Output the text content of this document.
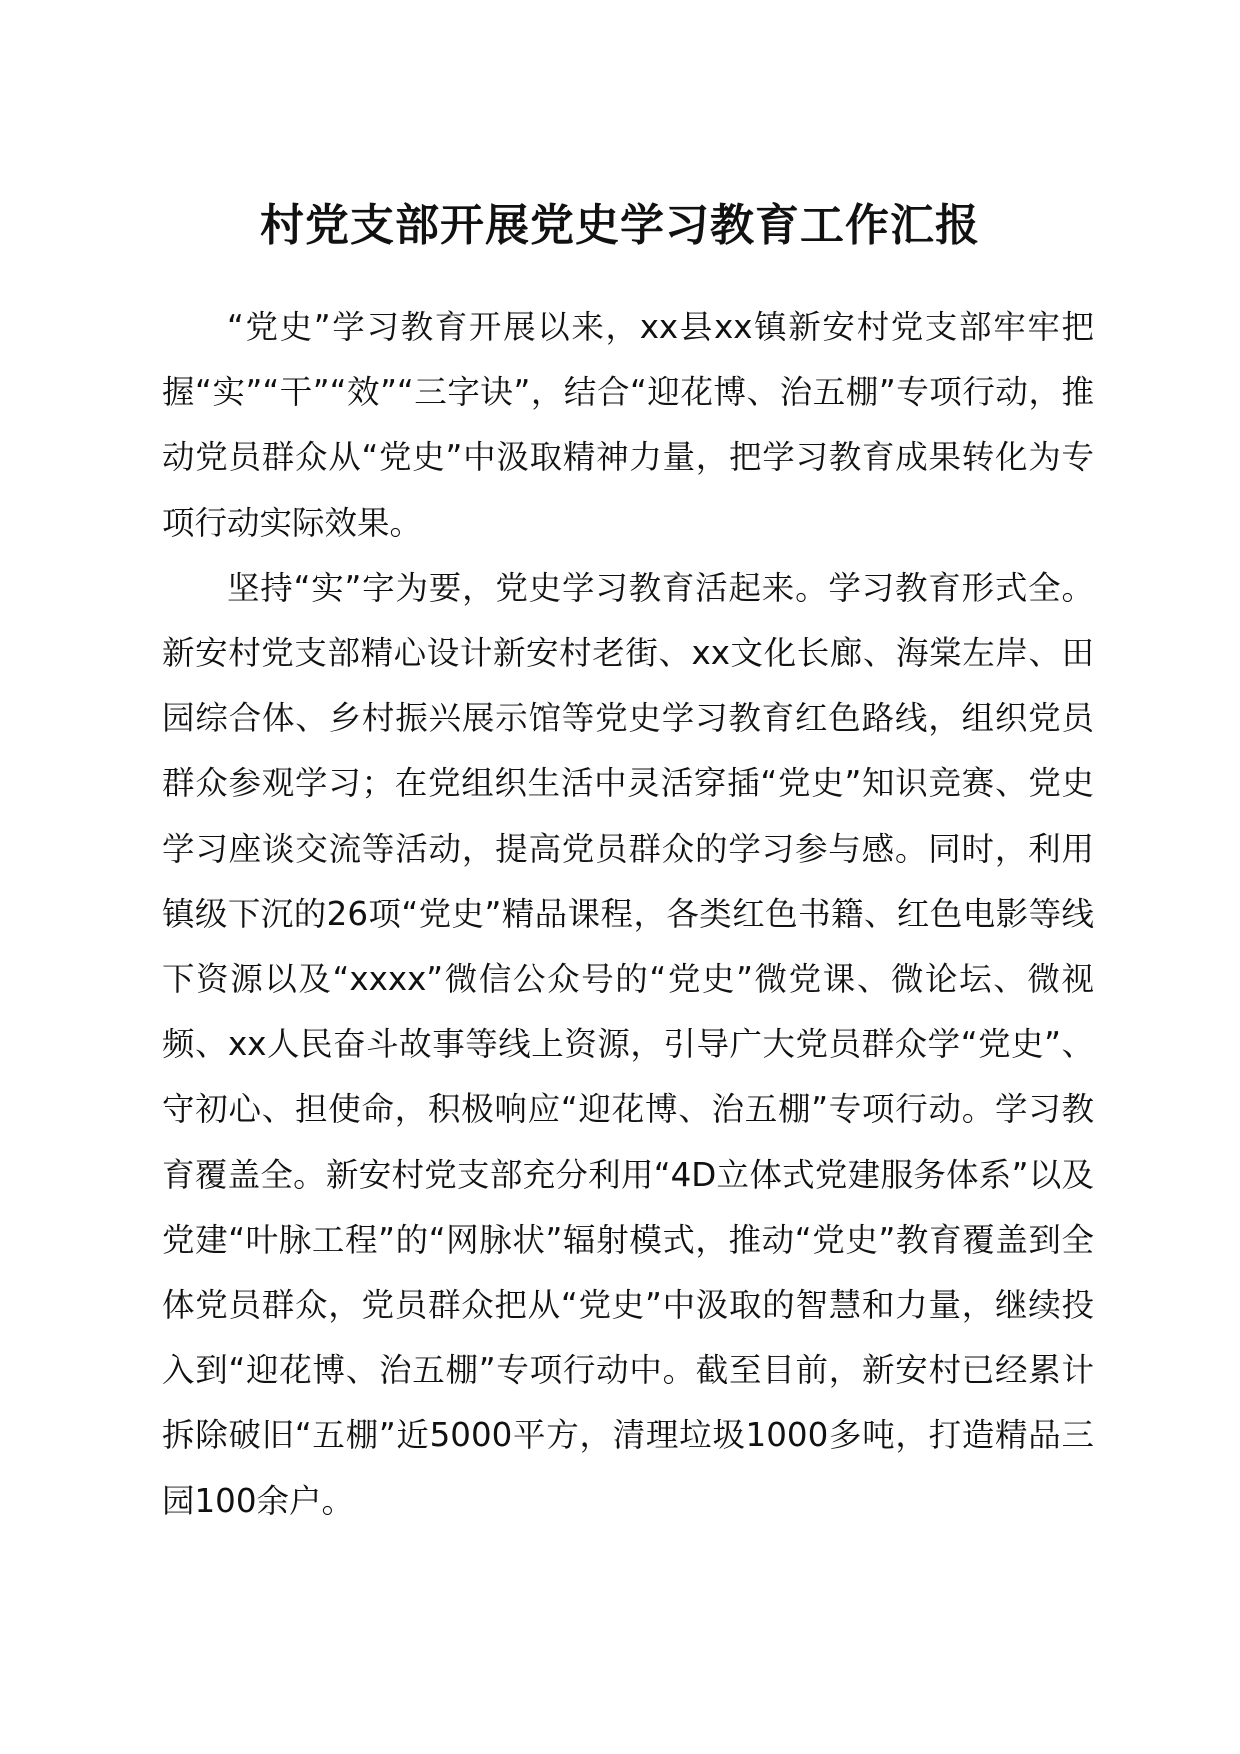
村党支部开展党史学习教育工作汇报

“党史”学习教育开展以来，xx县xx镇新安村党支部牢牢把握“实”“干”“效”“三字诀”，结合“迎花博、治五棚”专项行动，推动党员群众从“党史”中汲取精神力量，把学习教育成果转化为专项行动实际效果。

坚持“实”字为要，党史学习教育活起来。学习教育形式全。新安村党支部精心设计新安村老街、xx文化长廊、海棠左岸、田园综合体、乡村振兴展示馆等党史学习教育红色路线，组织党员群众参观学习；在党组织生活中灵活穿插“党史”知识竞赛、党史学习座谈交流等活动，提高党员群众的学习参与感。同时，利用镇级下沉的26项“党史”精品课程，各类红色书籍、红色电影等线下资源以及“xxxx”微信公众号的“党史”微党课、微论坛、微视频、xx人民奋斗故事等线上资源，引导广大党员群众学“党史”、守初心、担使命，积极响应“迎花博、治五棚”专项行动。学习教育覆盖全。新安村党支部充分利用“4D立体式党建服务体系”以及党建“叶脉工程”的“网脉状”辐射模式，推动“党史”教育覆盖到全体党员群众，党员群众把从“党史”中汲取的智慧和力量，继续投入到“迎花博、治五棚”专项行动中。截至目前，新安村已经累计拆除破旧“五棚”近5000平方，清理垃圾1000多吨，打造精品三园100余户。
